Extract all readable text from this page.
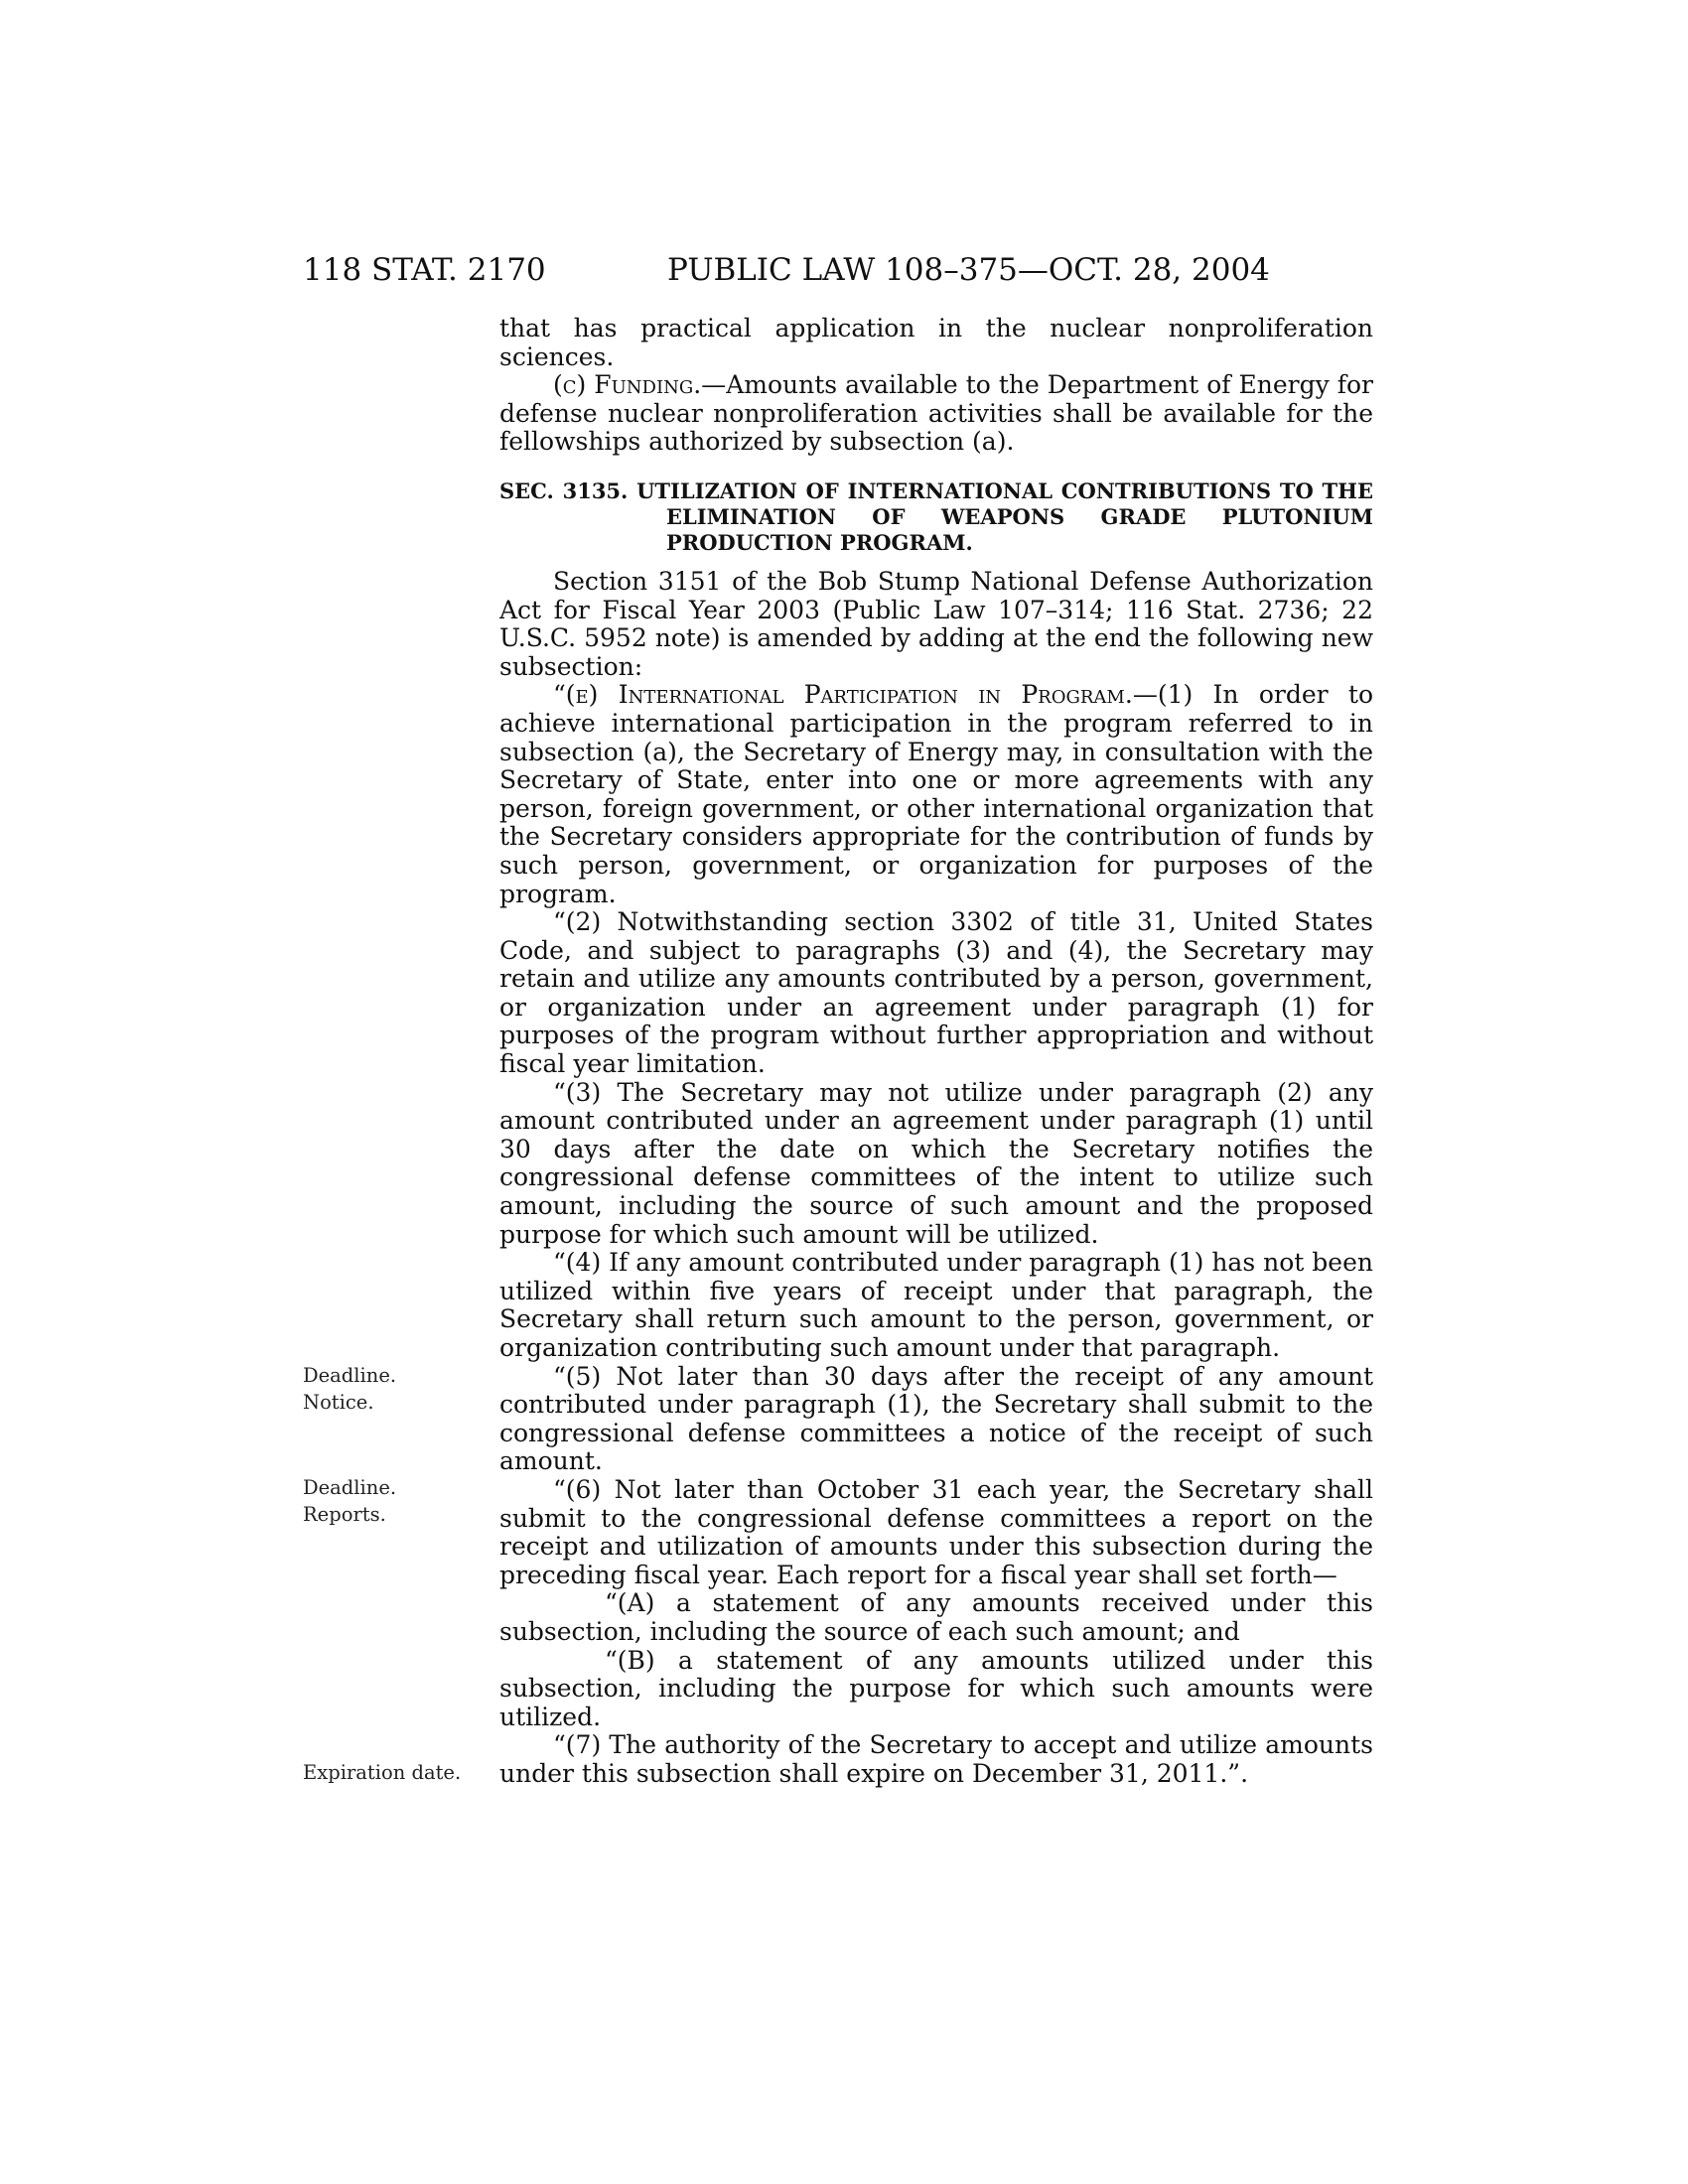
118 STAT. 2170	PUBLIC LAW 108–375—OCT. 28, 2004

that has practical application in the nuclear nonproliferation sciences.

(c) Funding.—Amounts available to the Department of Energy for defense nuclear nonproliferation activities shall be available for the fellowships authorized by subsection (a).

SEC. 3135. UTILIZATION OF INTERNATIONAL CONTRIBUTIONS TO THE ELIMINATION OF WEAPONS GRADE PLUTONIUM PRODUCTION PROGRAM.

Section 3151 of the Bob Stump National Defense Authorization Act for Fiscal Year 2003 (Public Law 107–314; 116 Stat. 2736; 22 U.S.C. 5952 note) is amended by adding at the end the following new subsection:

“(e) International Participation in Program.—(1) In order to achieve international participation in the program referred to in subsection (a), the Secretary of Energy may, in consultation with the Secretary of State, enter into one or more agreements with any person, foreign government, or other international organization that the Secretary considers appropriate for the contribution of funds by such person, government, or organization for purposes of the program.

“(2) Notwithstanding section 3302 of title 31, United States Code, and subject to paragraphs (3) and (4), the Secretary may retain and utilize any amounts contributed by a person, government, or organization under an agreement under paragraph (1) for purposes of the program without further appropriation and without fiscal year limitation.

“(3) The Secretary may not utilize under paragraph (2) any amount contributed under an agreement under paragraph (1) until 30 days after the date on which the Secretary notifies the congressional defense committees of the intent to utilize such amount, including the source of such amount and the proposed purpose for which such amount will be utilized.

“(4) If any amount contributed under paragraph (1) has not been utilized within five years of receipt under that paragraph, the Secretary shall return such amount to the person, government, or organization contributing such amount under that paragraph.

“(5) Not later than 30 days after the receipt of any amount contributed under paragraph (1), the Secretary shall submit to the congressional defense committees a notice of the receipt of such amount.

“(6) Not later than October 31 each year, the Secretary shall submit to the congressional defense committees a report on the receipt and utilization of amounts under this subsection during the preceding fiscal year. Each report for a fiscal year shall set forth—

“(A) a statement of any amounts received under this subsection, including the source of each such amount; and

“(B) a statement of any amounts utilized under this subsection, including the purpose for which such amounts were utilized.

“(7) The authority of the Secretary to accept and utilize amounts under this subsection shall expire on December 31, 2011.”.

Deadline.
Notice.
Deadline.
Reports.
Expiration date.
